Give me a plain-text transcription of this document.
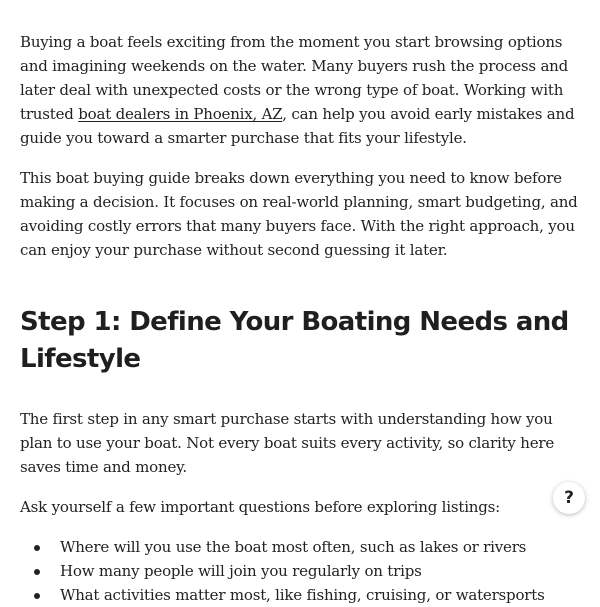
Buying a boat feels exciting from the moment you start browsing options and imagining weekends on the water. Many buyers rush the process and later deal with unexpected costs or the wrong type of boat. Working with trusted boat dealers in Phoenix, AZ, can help you avoid early mistakes and guide you toward a smarter purchase that fits your lifestyle.

This boat buying guide breaks down everything you need to know before making a decision. It focuses on real-world planning, smart budgeting, and avoiding costly errors that many buyers face. With the right approach, you can enjoy your purchase without second guessing it later.

Step 1: Define Your Boating Needs and Lifestyle

The first step in any smart purchase starts with understanding how you plan to use your boat. Not every boat suits every activity, so clarity here saves time and money.

Ask yourself a few important questions before exploring listings:

Where will you use the boat most often, such as lakes or rivers
How many people will join you regularly on trips
What activities matter most, like fishing, cruising, or watersports
?
